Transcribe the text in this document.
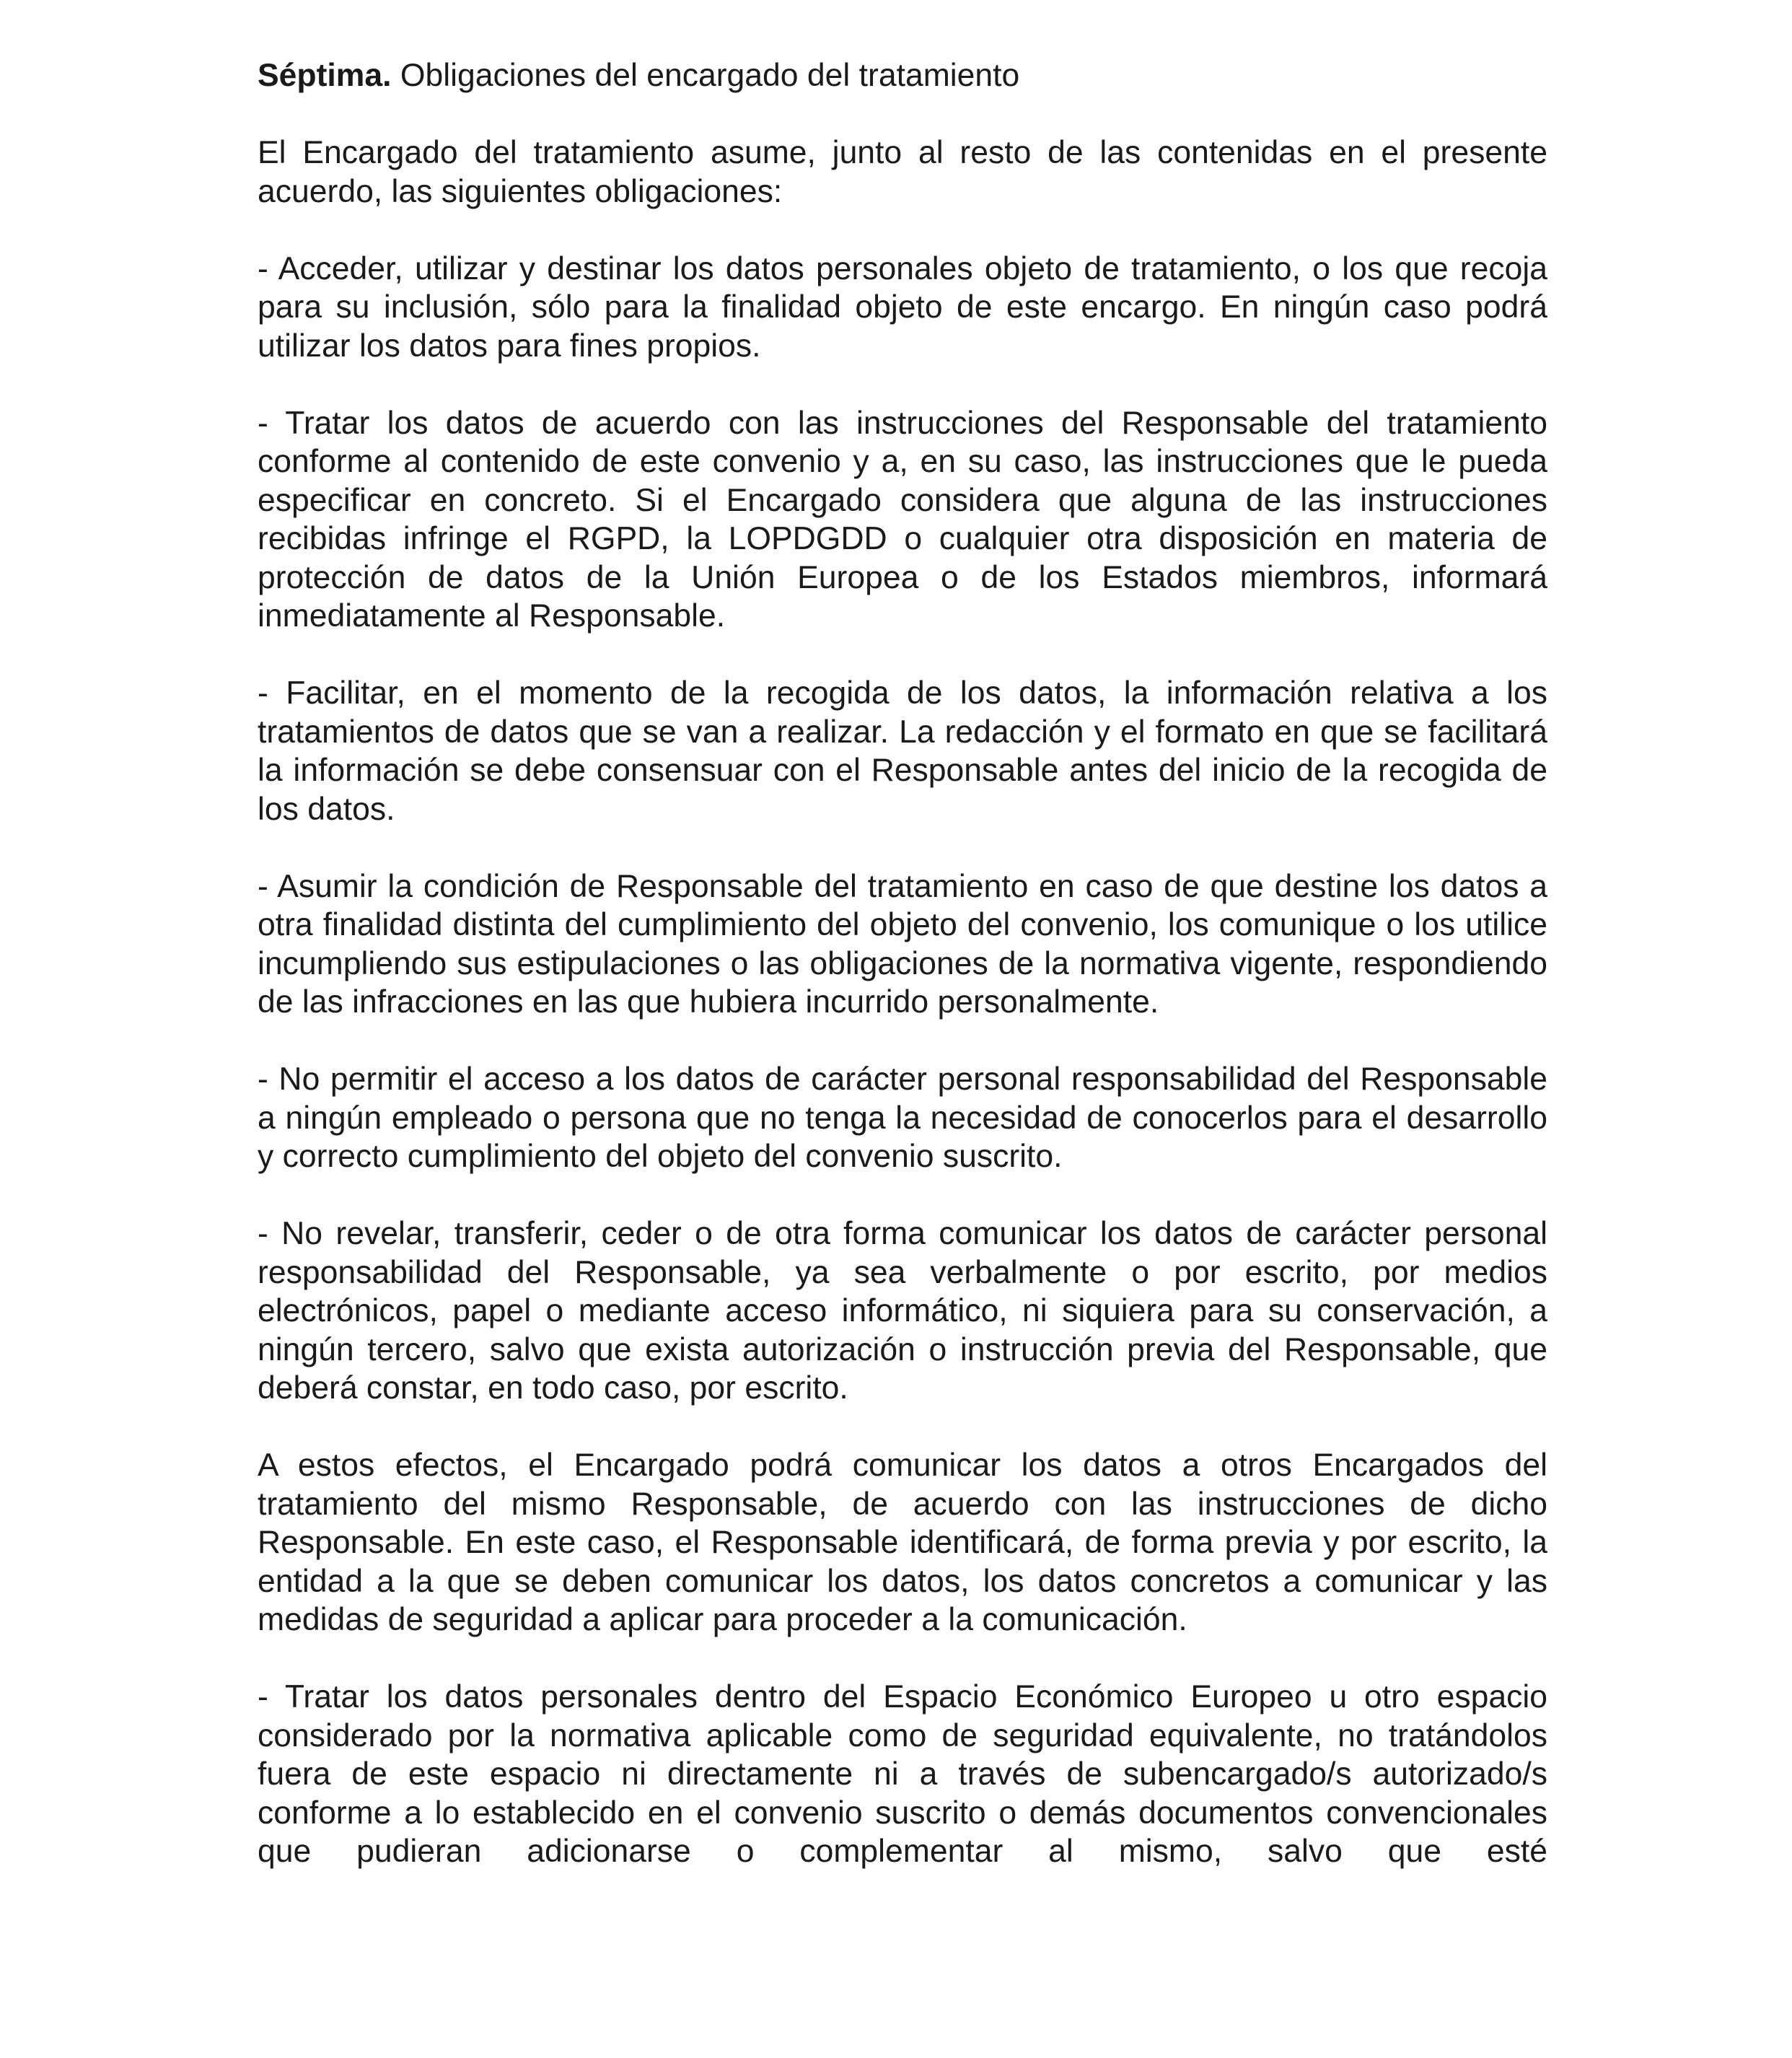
Séptima. Obligaciones del encargado del tratamiento

El Encargado del tratamiento asume, junto al resto de las contenidas en el presente acuerdo, las siguientes obligaciones:

- Acceder, utilizar y destinar los datos personales objeto de tratamiento, o los que recoja para su inclusión, sólo para la finalidad objeto de este encargo. En ningún caso podrá utilizar los datos para fines propios.

- Tratar los datos de acuerdo con las instrucciones del Responsable del tratamiento conforme al contenido de este convenio y a, en su caso, las instrucciones que le pueda especificar en concreto. Si el Encargado considera que alguna de las instrucciones recibidas infringe el RGPD, la LOPDGDD o cualquier otra disposición en materia de protección de datos de la Unión Europea o de los Estados miembros, informará inmediatamente al Responsable.

- Facilitar, en el momento de la recogida de los datos, la información relativa a los tratamientos de datos que se van a realizar. La redacción y el formato en que se facilitará la información se debe consensuar con el Responsable antes del inicio de la recogida de los datos.

- Asumir la condición de Responsable del tratamiento en caso de que destine los datos a otra finalidad distinta del cumplimiento del objeto del convenio, los comunique o los utilice incumpliendo sus estipulaciones o las obligaciones de la normativa vigente, respondiendo de las infracciones en las que hubiera incurrido personalmente.

- No permitir el acceso a los datos de carácter personal responsabilidad del Responsable a ningún empleado o persona que no tenga la necesidad de conocerlos para el desarrollo y correcto cumplimiento del objeto del convenio suscrito.

- No revelar, transferir, ceder o de otra forma comunicar los datos de carácter personal responsabilidad del Responsable, ya sea verbalmente o por escrito, por medios electrónicos, papel o mediante acceso informático, ni siquiera para su conservación, a ningún tercero, salvo que exista autorización o instrucción previa del Responsable, que deberá constar, en todo caso, por escrito.

A estos efectos, el Encargado podrá comunicar los datos a otros Encargados del tratamiento del mismo Responsable, de acuerdo con las instrucciones de dicho Responsable. En este caso, el Responsable identificará, de forma previa y por escrito, la entidad a la que se deben comunicar los datos, los datos concretos a comunicar y las medidas de seguridad a aplicar para proceder a la comunicación.

- Tratar los datos personales dentro del Espacio Económico Europeo u otro espacio considerado por la normativa aplicable como de seguridad equivalente, no tratándolos fuera de este espacio ni directamente ni a través de subencargado/s autorizado/s conforme a lo establecido en el convenio suscrito o demás documentos convencionales que pudieran adicionarse o complementar al mismo, salvo que esté
